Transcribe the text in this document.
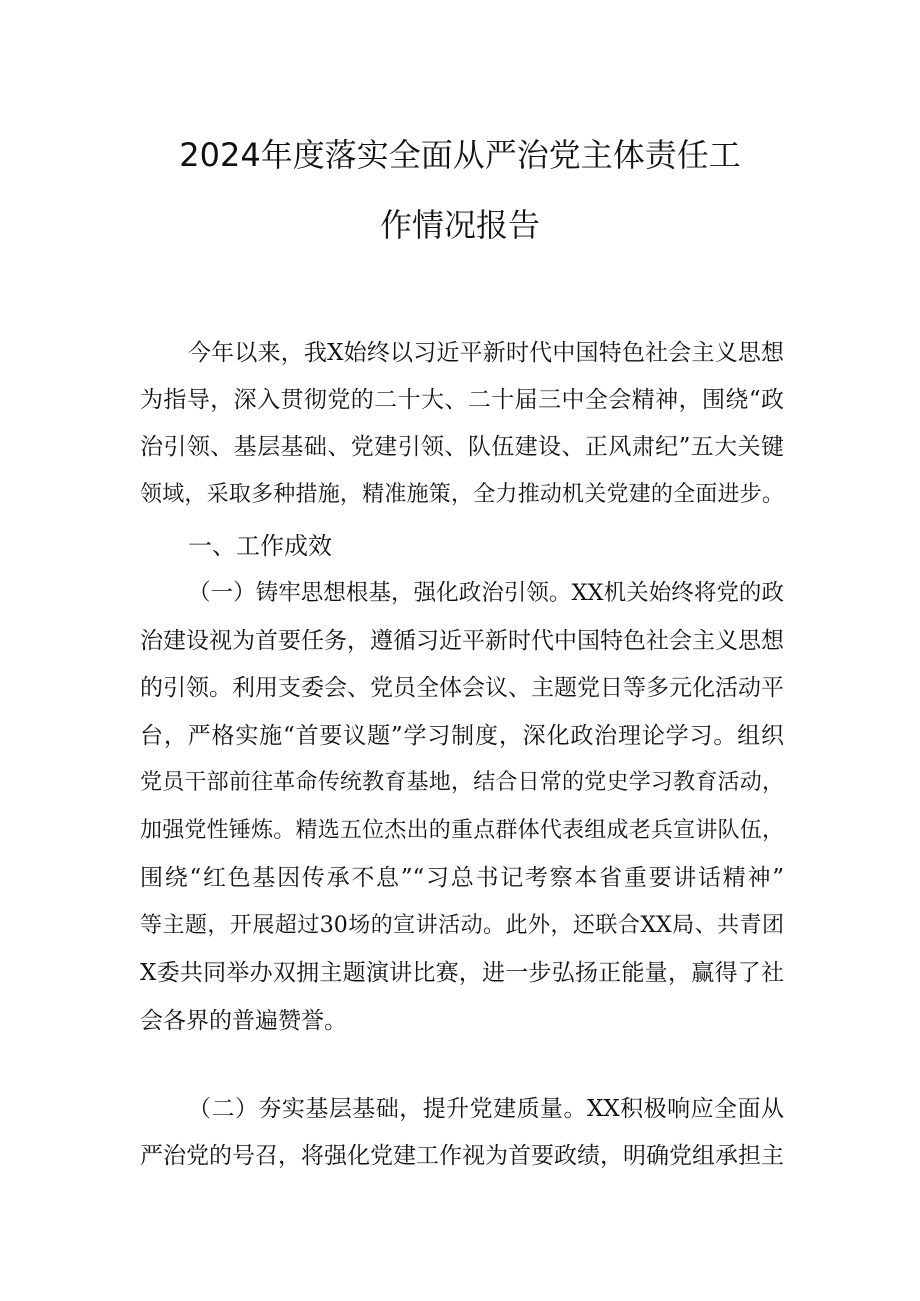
2024年度落实全面从严治党主体责任工
作情况报告
今年以来，我X始终以习近平新时代中国特色社会主义思想
为指导，深入贯彻党的二十大、二十届三中全会精神，围绕“政
治引领、基层基础、党建引领、队伍建设、正风肃纪”五大关键
领域，采取多种措施，精准施策，全力推动机关党建的全面进步。
一、工作成效
（一）铸牢思想根基，强化政治引领。XX机关始终将党的政
治建设视为首要任务，遵循习近平新时代中国特色社会主义思想
的引领。利用支委会、党员全体会议、主题党日等多元化活动平
台，严格实施“首要议题”学习制度，深化政治理论学习。组织
党员干部前往革命传统教育基地，结合日常的党史学习教育活动，
加强党性锤炼。精选五位杰出的重点群体代表组成老兵宣讲队伍，
围绕“红色基因传承不息”“习总书记考察本省重要讲话精神”
等主题，开展超过30场的宣讲活动。此外，还联合XX局、共青团
X委共同举办双拥主题演讲比赛，进一步弘扬正能量，赢得了社
会各界的普遍赞誉。
（二）夯实基层基础，提升党建质量。XX积极响应全面从
严治党的号召，将强化党建工作视为首要政绩，明确党组承担主
